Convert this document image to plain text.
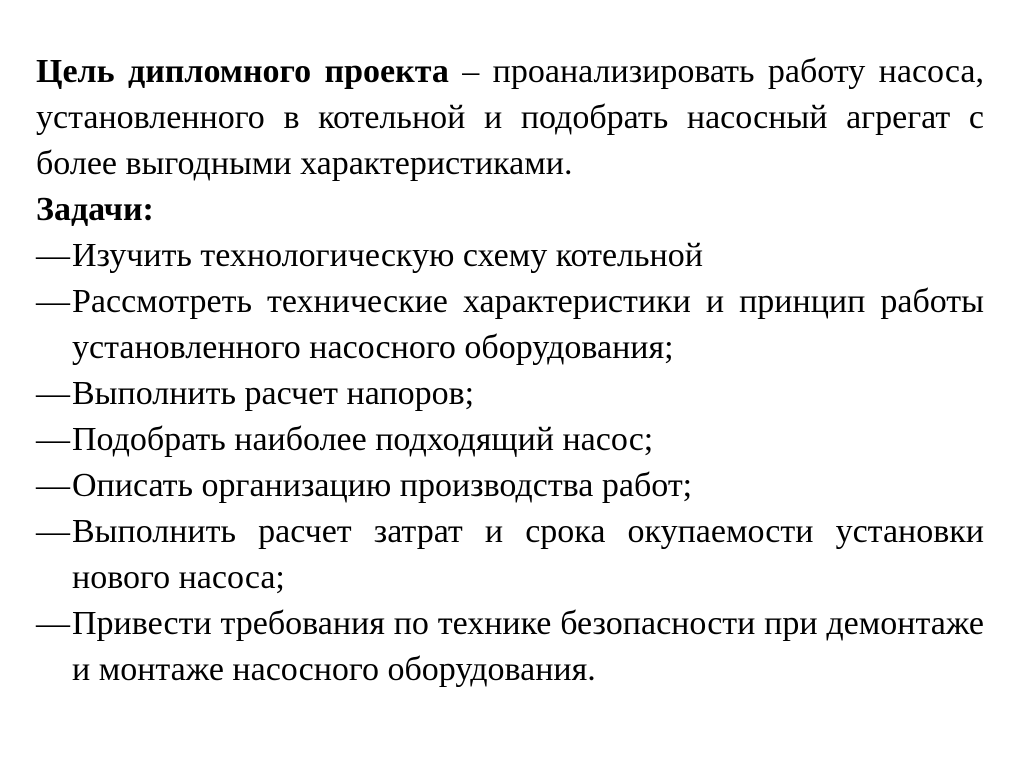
Цель дипломного проекта – проанализировать работу насоса, установленного в котельной и подобрать насосный агрегат с более выгодными характеристиками.

Задачи:

— Изучить технологическую схему котельной
— Рассмотреть технические характеристики и принцип работы установленного насосного оборудования;
— Выполнить расчет напоров;
— Подобрать наиболее подходящий насос;
— Описать организацию производства работ;
— Выполнить расчет затрат и срока окупаемости установки нового насоса;
— Привести требования по технике безопасности при демонтаже и монтаже насосного оборудования.
